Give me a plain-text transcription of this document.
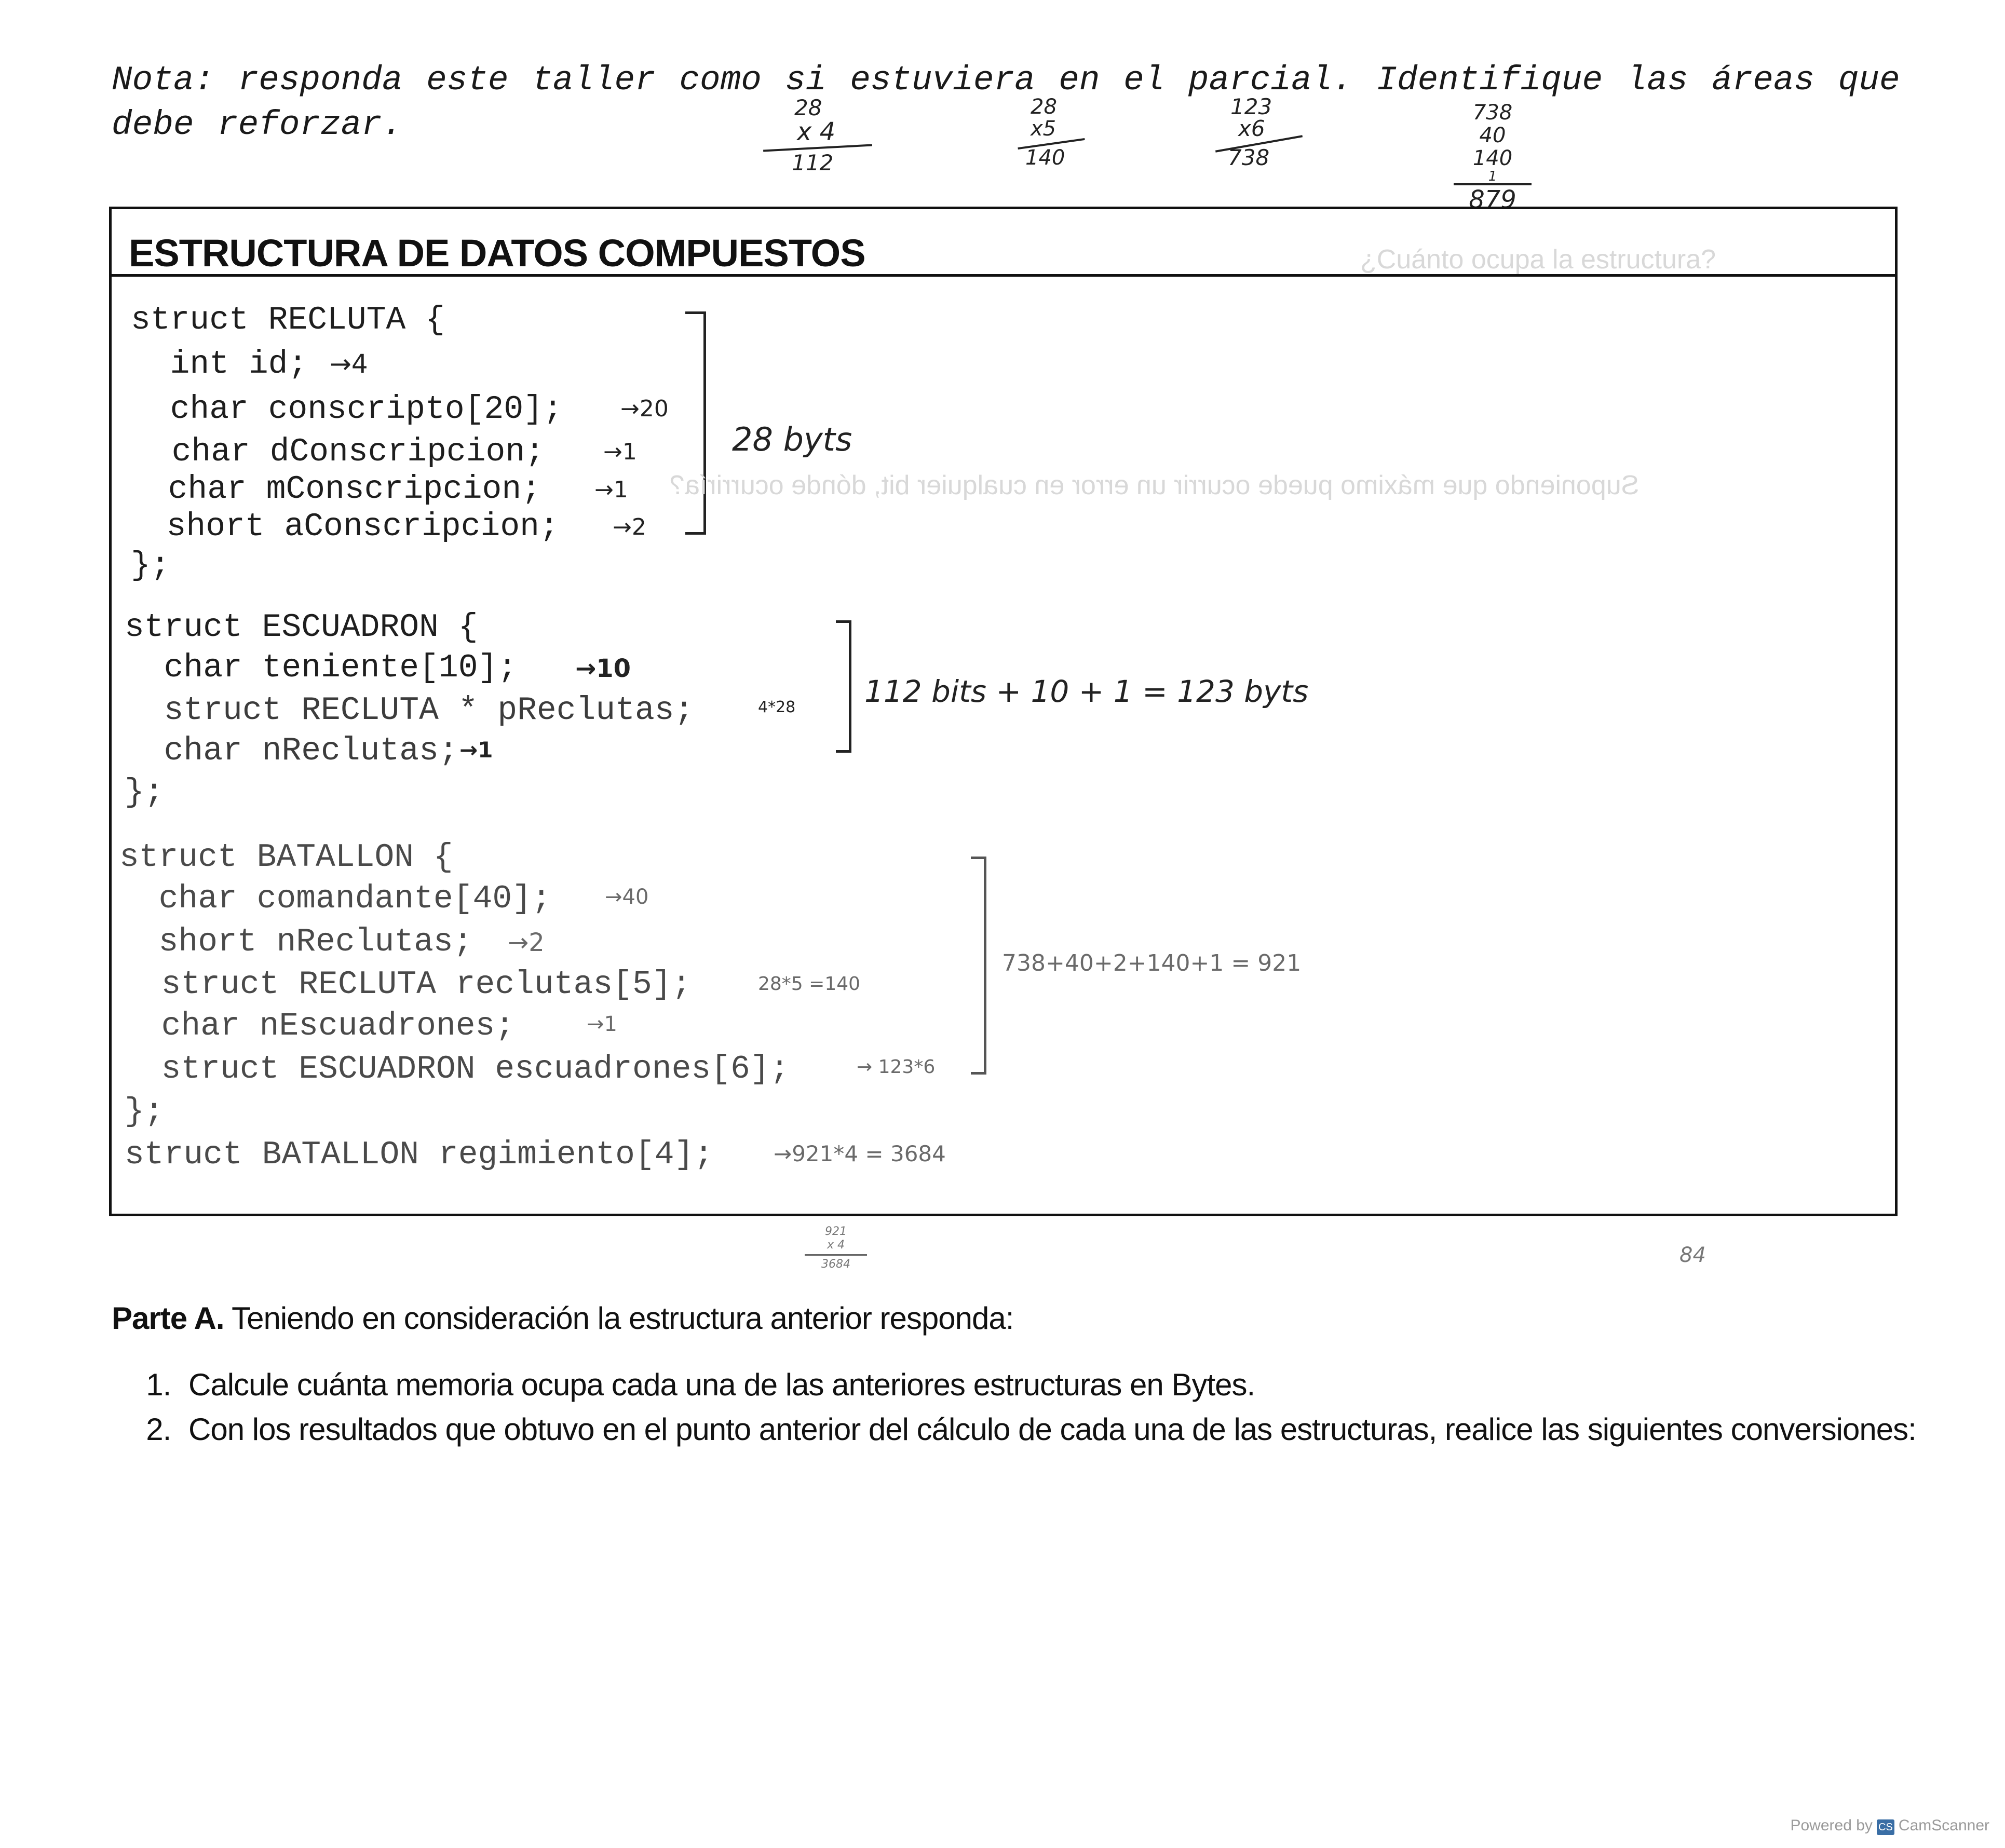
Nota: responda este taller como si estuviera en el parcial. Identifique las áreas que debe reforzar.	28
x 4
112
28
x5
140
123
x6
738
738
40
140
1
879
ESTRUCTURA DE DATOS COMPUESTOS
struct RECLUTA {
int id;
char conscripto[20];
char dConscripcion;
char mConscripcion;
short aConscripcion;
};
→4
→20
→1
→1
→2
28 byts
struct ESCUADRON {
char teniente[10];
struct RECLUTA * pReclutas;
char nReclutas;
};
→10
4*28
→1
112 bits + 10 + 1 = 123 byts
struct BATALLON {
char comandante[40];
short nReclutas;
struct RECLUTA reclutas[5];
char nEscuadrones;
struct ESCUADRON escuadrones[6];
};
struct BATALLON regimiento[4];
→40
→2
28*5 =140
→1
→ 123*6
→921*4 = 3684
738+40+2+140+1 = 921
921
x 4
3684	84
¿Cuánto ocupa la estructura?
Suponiendo que máximo puede ocurrir un error en cualquier bit, dónde ocurriría?
Parte A. Teniendo en consideración la estructura anterior responda:
1. Calcule cuánta memoria ocupa cada una de las anteriores estructuras en Bytes.
2. Con los resultados que obtuvo en el punto anterior del cálculo de cada una de las estructuras, realice las siguientes conversiones:
Powered by CS CamScanner
